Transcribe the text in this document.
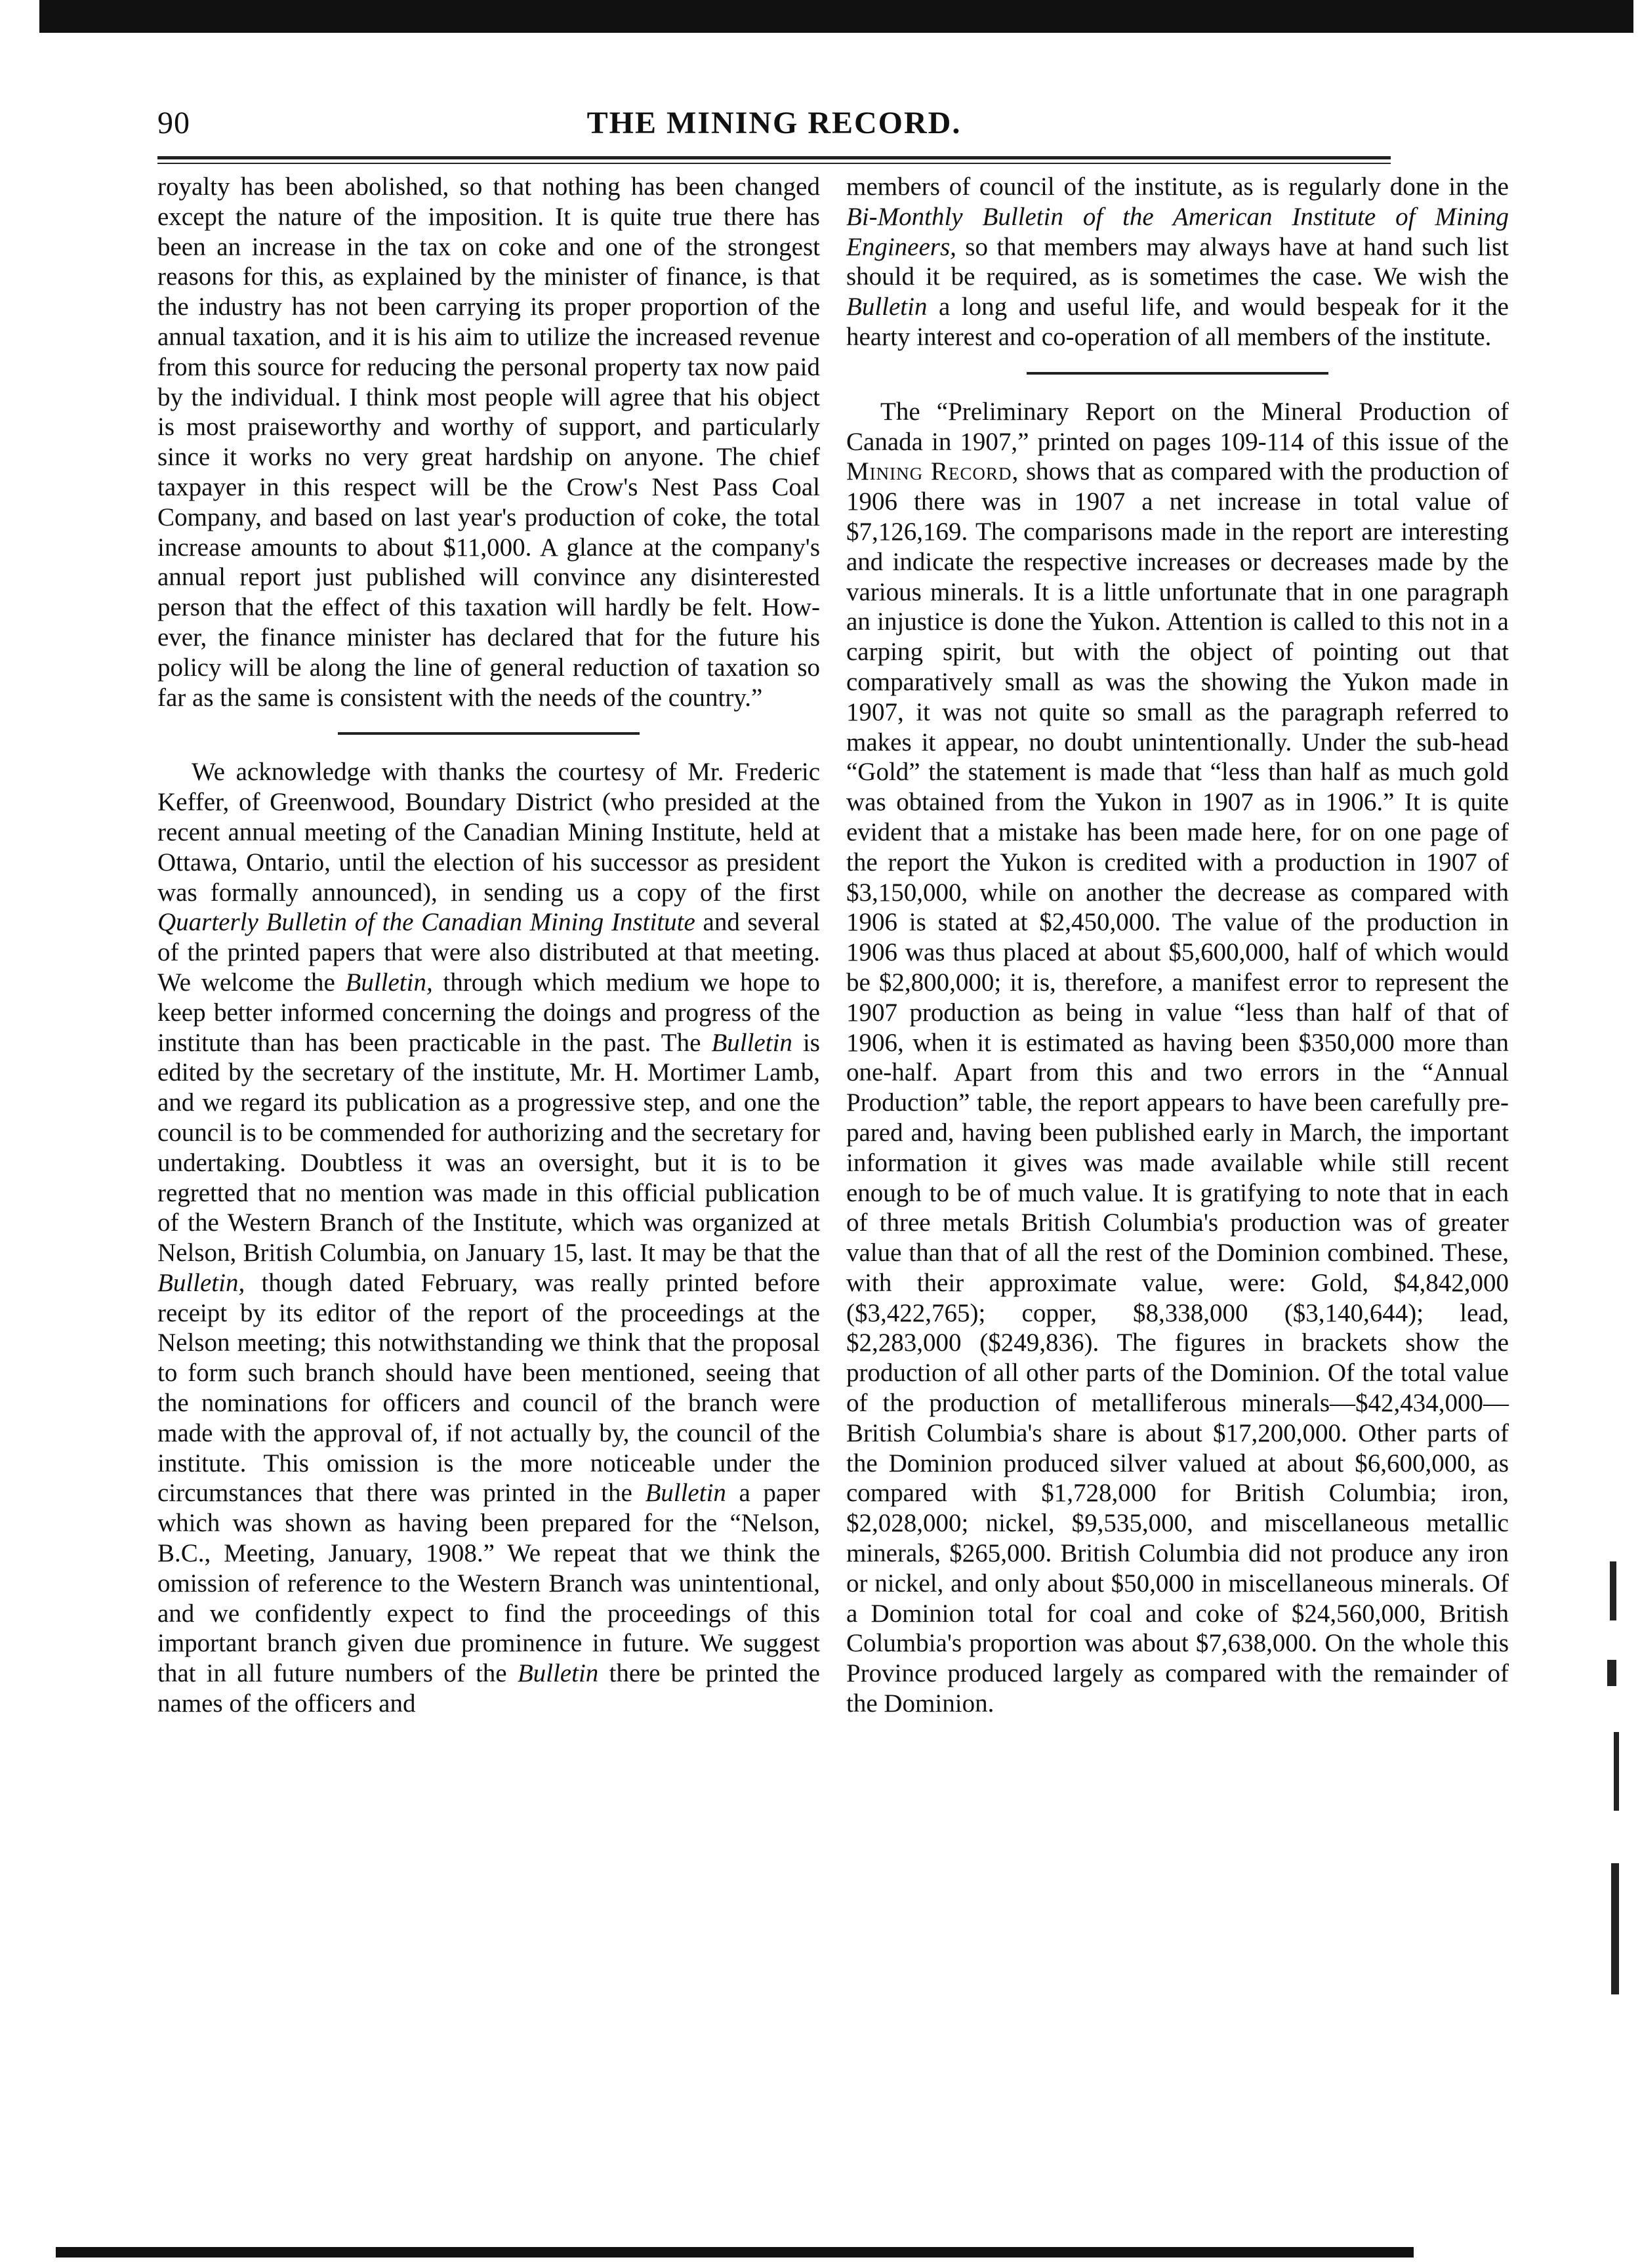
90	THE MINING RECORD.

royalty has been abolished, so that nothing has been changed except the nature of the imposition. It is quite true there has been an increase in the tax on coke and one of the strongest reasons for this, as explained by the minister of finance, is that the industry has not been carrying its proper proportion of the annual taxation, and it is his aim to utilize the increased revenue from this source for reducing the personal property tax now paid by the individual. I think most people will agree that his object is most praiseworthy and worthy of support, and particularly since it works no very great hardship on anyone. The chief taxpayer in this respect will be the Crow's Nest Pass Coal Company, and based on last year's production of coke, the total increase amounts to about $11,000. A glance at the company's annual report just published will convince any disinterested person that the effect of this taxation will hardly be felt. However, the finance minister has declared that for the future his policy will be along the line of general reduction of taxation so far as the same is consistent with the needs of the country.”

We acknowledge with thanks the courtesy of Mr. Frederic Keffer, of Greenwood, Boundary District (who presided at the recent annual meeting of the Canadian Mining Institute, held at Ottawa, Ontario, until the election of his successor as president was formally announced), in sending us a copy of the first Quarterly Bulletin of the Canadian Mining Institute and several of the printed papers that were also distributed at that meeting. We welcome the Bulletin, through which medium we hope to keep better informed concerning the doings and progress of the institute than has been practicable in the past. The Bulletin is edited by the secretary of the institute, Mr. H. Mortimer Lamb, and we regard its publication as a progressive step, and one the council is to be commended for authorizing and the secretary for undertaking. Doubtless it was an oversight, but it is to be regretted that no mention was made in this official publication of the Western Branch of the Institute, which was organized at Nelson, British Columbia, on January 15, last. It may be that the Bulletin, though dated February, was really printed before receipt by its editor of the report of the proceedings at the Nelson meeting; this notwithstanding we think that the proposal to form such branch should have been mentioned, seeing that the nominations for officers and council of the branch were made with the approval of, if not actually by, the council of the institute. This omission is the more noticeable under the circumstances that there was printed in the Bulletin a paper which was shown as having been prepared for the “Nelson, B.C., Meeting, January, 1908.” We repeat that we think the omission of reference to the Western Branch was unintentional, and we confidently expect to find the proceedings of this important branch given due prominence in future. We suggest that in all future numbers of the Bulletin there be printed the names of the officers and

members of council of the institute, as is regularly done in the Bi-Monthly Bulletin of the American Institute of Mining Engineers, so that members may always have at hand such list should it be required, as is sometimes the case. We wish the Bulletin a long and useful life, and would bespeak for it the hearty interest and co-operation of all members of the institute.

The “Preliminary Report on the Mineral Production of Canada in 1907,” printed on pages 109-114 of this issue of the Mining Record, shows that as compared with the production of 1906 there was in 1907 a net increase in total value of $7,126,169. The comparisons made in the report are interesting and indicate the respective increases or decreases made by the various minerals. It is a little unfortunate that in one paragraph an injustice is done the Yukon. Attention is called to this not in a carping spirit, but with the object of pointing out that comparatively small as was the showing the Yukon made in 1907, it was not quite so small as the paragraph referred to makes it appear, no doubt unintentionally. Under the sub-head “Gold” the statement is made that “less than half as much gold was obtained from the Yukon in 1907 as in 1906.” It is quite evident that a mistake has been made here, for on one page of the report the Yukon is credited with a production in 1907 of $3,150,000, while on another the decrease as compared with 1906 is stated at $2,450,000. The value of the production in 1906 was thus placed at about $5,600,000, half of which would be $2,800,000; it is, therefore, a manifest error to represent the 1907 production as being in value “less than half of that of 1906, when it is estimated as having been $350,000 more than one-half. Apart from this and two errors in the “Annual Production” table, the report appears to have been carefully prepared and, having been published early in March, the important information it gives was made available while still recent enough to be of much value. It is gratifying to note that in each of three metals British Columbia's production was of greater value than that of all the rest of the Dominion combined. These, with their approximate value, were: Gold, $4,842,000 ($3,422,765); copper, $8,338,000 ($3,140,644); lead, $2,283,000 ($249,836). The figures in brackets show the production of all other parts of the Dominion. Of the total value of the production of metalliferous minerals—$42,434,000—British Columbia's share is about $17,200,000. Other parts of the Dominion produced silver valued at about $6,600,000, as compared with $1,728,000 for British Columbia; iron, $2,028,000; nickel, $9,535,000, and miscellaneous metallic minerals, $265,000. British Columbia did not produce any iron or nickel, and only about $50,000 in miscellaneous minerals. Of a Dominion total for coal and coke of $24,560,000, British Columbia's proportion was about $7,638,000. On the whole this Province produced largely as compared with the remainder of the Dominion.
